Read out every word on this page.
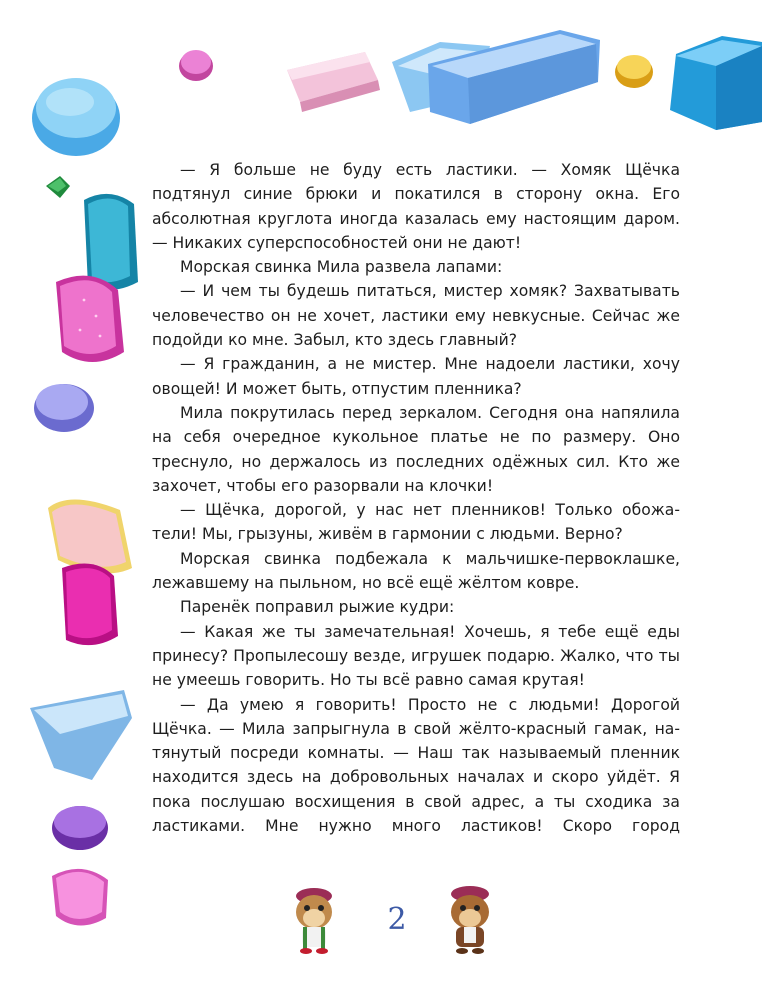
— Я больше не буду есть ластики. — Хомяк Щёчка подтянул синие брюки и покатился в сторону окна. Его абсолютная круглота иногда казалась ему настоящим даром. — Никаких суперспособностей они не дают!

Морская свинка Мила развела лапами:

— И чем ты будешь питаться, мистер хомяк? Захватывать человечество он не хочет, ластики ему невкусные. Сейчас же подойди ко мне. Забыл, кто здесь главный?

— Я гражданин, а не мистер. Мне надоели ластики, хочу овощей! И может быть, отпустим пленника?

Мила покрутилась перед зеркалом. Сегодня она напялила на себя очередное кукольное платье не по размеру. Оно треснуло, но держалось из последних одёжных сил. Кто же захочет, чтобы его разорвали на клочки!

— Щёчка, дорогой, у нас нет пленников! Только обожатели! Мы, грызуны, живём в гармонии с людьми. Верно?

Морская свинка подбежала к мальчишке-первоклашке, лежавшему на пыльном, но всё ещё жёлтом ковре.

Паренёк поправил рыжие кудри:

— Какая же ты замечательная! Хочешь, я тебе ещё еды принесу? Пропылесошу везде, игрушек подарю. Жалко, что ты не умеешь говорить. Но ты всё равно самая крутая!

— Да умею я говорить! Просто не с людьми! Дорогой Щёчка. — Мила запрыгнула в свой жёлто-красный гамак, натянутый посреди комнаты. — Наш так называемый пленник находится здесь на добровольных началах и скоро уйдёт. Я пока послушаю восхищения в свой адрес, а ты сходика за ластиками. Мне нужно много ластиков! Скоро город

2
